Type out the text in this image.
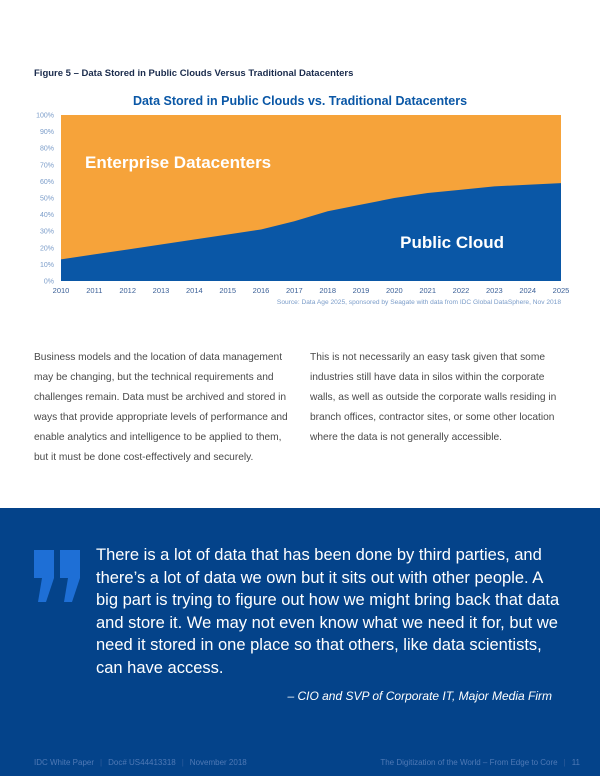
Figure 5 – Data Stored in Public Clouds Versus Traditional Datacenters
Data Stored in Public Clouds vs. Traditional Datacenters
0%
10%
20%
30%
40%
50%
60%
70%
80%
90%
100%
2010 2011 2012 2013 2014 2015 2016 2017 2018 2019 2020 2021 2022 2023 2024 2025
Enterprise Datacenters
Public Cloud
Source: Data Age 2025, sponsored by Seagate with data from IDC Global DataSphere, Nov 2018
Business models and the location of data management may be changing, but the technical requirements and challenges remain. Data must be archived and stored in ways that provide appropriate levels of performance and enable analytics and intelligence to be applied to them, but it must be done cost-effectively and securely.
This is not necessarily an easy task given that some industries still have data in silos within the corporate walls, as well as outside the corporate walls residing in branch offices, contractor sites, or some other location where the data is not generally accessible.
There is a lot of data that has been done by third parties, and there’s a lot of data we own but it sits out with other people. A big part is trying to figure out how we might bring back that data and store it. We may not even know what we need it for, but we need it stored in one place so that others, like data scientists, can have access.
– CIO and SVP of Corporate IT, Major Media Firm
IDC White Paper | Doc# US44413318 | November 2018	The Digitization of the World – From Edge to Core | 11
